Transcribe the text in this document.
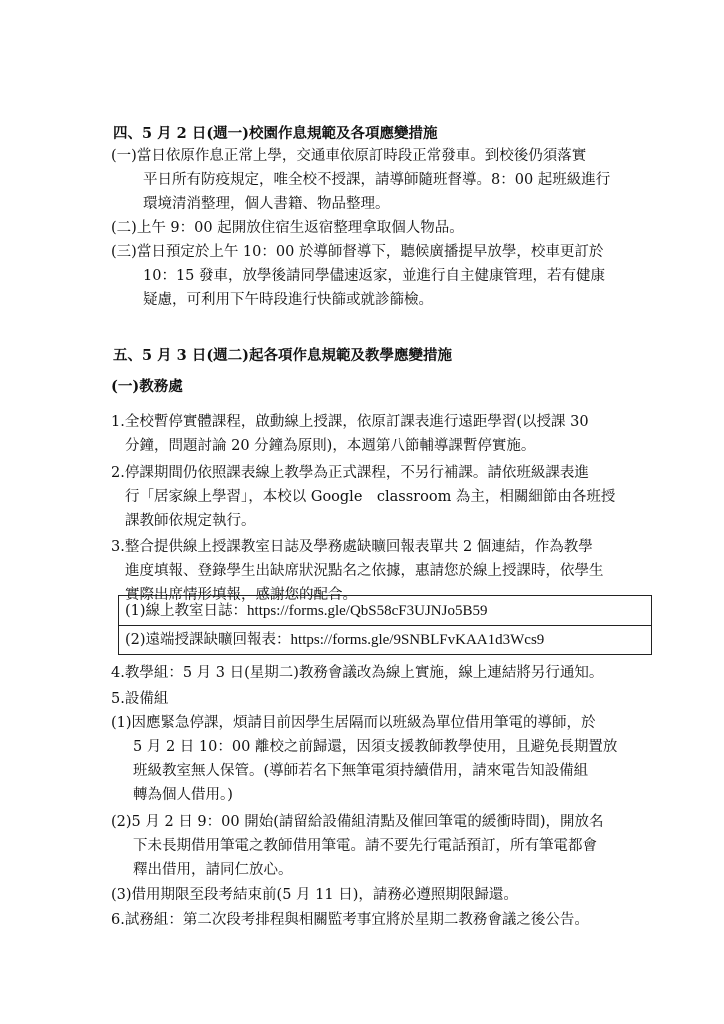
四、5 月 2 日(週一)校園作息規範及各項應變措施
(一)當日依原作息正常上學，交通車依原訂時段正常發車。到校後仍須落實
平日所有防疫規定，唯全校不授課，請導師隨班督導。8：00 起班級進行
環境清消整理，個人書籍、物品整理。
(二)上午 9：00 起開放住宿生返宿整理拿取個人物品。
(三)當日預定於上午 10：00 於導師督導下，聽候廣播提早放學，校車更訂於
10：15 發車，放學後請同學儘速返家，並進行自主健康管理，若有健康
疑慮，可利用下午時段進行快篩或就診篩檢。
五、5 月 3 日(週二)起各項作息規範及教學應變措施
(一)教務處
1.全校暫停實體課程，啟動線上授課，依原訂課表進行遠距學習(以授課 30
分鐘，問題討論 20 分鐘為原則)，本週第八節輔導課暫停實施。
2.停課期間仍依照課表線上教學為正式課程，不另行補課。請依班級課表進
行「居家線上學習」，本校以 Google　classroom 為主，相關細節由各班授
課教師依規定執行。
3.整合提供線上授課教室日誌及學務處缺曠回報表單共 2 個連結，作為教學
進度填報、登錄學生出缺席狀況點名之依據，惠請您於線上授課時，依學生
實際出席情形填報，感謝您的配合。
(1)線上教室日誌：https://forms.gle/QbS58cF3UJNJo5B59
(2)遠端授課缺曠回報表：https://forms.gle/9SNBLFvKAA1d3Wcs9
4.教學組：5 月 3 日(星期二)教務會議改為線上實施，線上連結將另行通知。
5.設備組
(1)因應緊急停課，煩請目前因學生居隔而以班級為單位借用筆電的導師，於
5 月 2 日 10：00 離校之前歸還，因須支援教師教學使用，且避免長期置放
班級教室無人保管。(導師若名下無筆電須持續借用，請來電告知設備組
轉為個人借用。)
(2)5 月 2 日 9：00 開始(請留給設備組清點及催回筆電的緩衝時間)，開放名
下未長期借用筆電之教師借用筆電。請不要先行電話預訂，所有筆電都會
釋出借用，請同仁放心。
(3)借用期限至段考結束前(5 月 11 日)，請務必遵照期限歸還。
6.試務組：第二次段考排程與相關監考事宜將於星期二教務會議之後公告。
